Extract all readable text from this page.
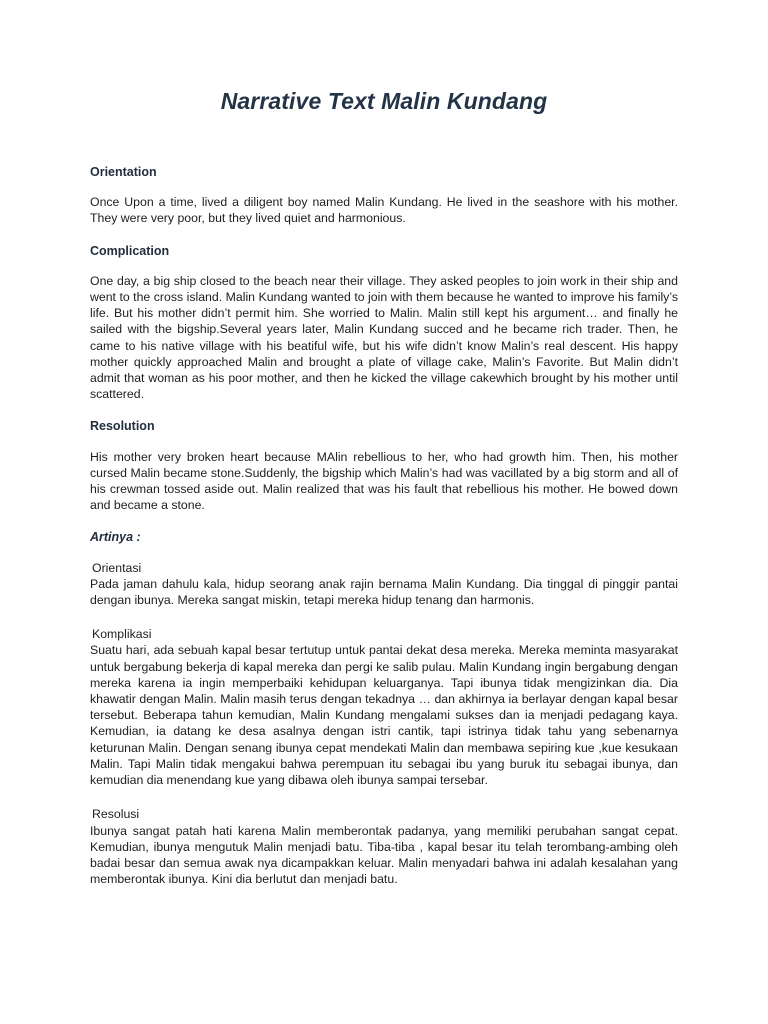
Narrative Text Malin Kundang
Orientation

Once Upon a time, lived a diligent boy named Malin Kundang. He lived in the seashore with his mother. They were very poor, but they lived quiet and harmonious.

Complication

One day, a big ship closed to the beach near their village. They asked peoples to join work in their ship and went to the cross island. Malin Kundang wanted to join with them because he wanted to improve his family’s life. But his mother didn’t permit him. She worried to Malin. Malin still kept his argument… and finally he sailed with the bigship.Several years later, Malin Kundang succed and he became rich trader. Then, he came to his native village with his beatiful wife, but his wife didn’t know Malin’s real descent. His happy mother quickly approached Malin and brought a plate of village cake, Malin’s Favorite. But Malin didn’t admit that woman as his poor mother, and then he kicked the village cakewhich brought by his mother until scattered.

Resolution

His mother very broken heart because MAlin rebellious to her, who had growth him. Then, his mother cursed Malin became stone.Suddenly, the bigship which Malin’s had was vacillated by a big storm and all of his crewman tossed aside out. Malin realized that was his fault that rebellious his mother. He bowed down and became a stone.

Artinya :
Orientasi

Pada jaman dahulu kala, hidup seorang anak rajin bernama Malin Kundang. Dia tinggal di pinggir pantai dengan ibunya. Mereka sangat miskin, tetapi mereka hidup tenang dan harmonis.

Komplikasi

Suatu hari, ada sebuah kapal besar tertutup untuk pantai dekat desa mereka. Mereka meminta masyarakat untuk bergabung bekerja di kapal mereka dan pergi ke salib pulau. Malin Kundang ingin bergabung dengan mereka karena ia ingin memperbaiki kehidupan keluarganya. Tapi ibunya tidak mengizinkan dia. Dia khawatir dengan Malin. Malin masih terus dengan tekadnya … dan akhirnya ia berlayar dengan kapal besar tersebut. Beberapa tahun kemudian, Malin Kundang mengalami sukses dan ia menjadi pedagang kaya. Kemudian, ia datang ke desa asalnya dengan istri cantik, tapi istrinya tidak tahu yang sebenarnya keturunan Malin. Dengan senang ibunya cepat mendekati Malin dan membawa sepiring kue ,kue kesukaan Malin. Tapi Malin tidak mengakui bahwa perempuan itu sebagai ibu yang buruk itu sebagai ibunya, dan kemudian dia menendang kue yang dibawa oleh ibunya sampai tersebar.

Resolusi

Ibunya sangat patah hati karena Malin memberontak padanya, yang memiliki perubahan sangat cepat. Kemudian, ibunya mengutuk Malin menjadi batu. Tiba-tiba , kapal besar itu telah terombang-ambing oleh badai besar dan semua awak nya dicampakkan keluar. Malin menyadari bahwa ini adalah kesalahan yang memberontak ibunya. Kini dia berlutut dan menjadi batu.
